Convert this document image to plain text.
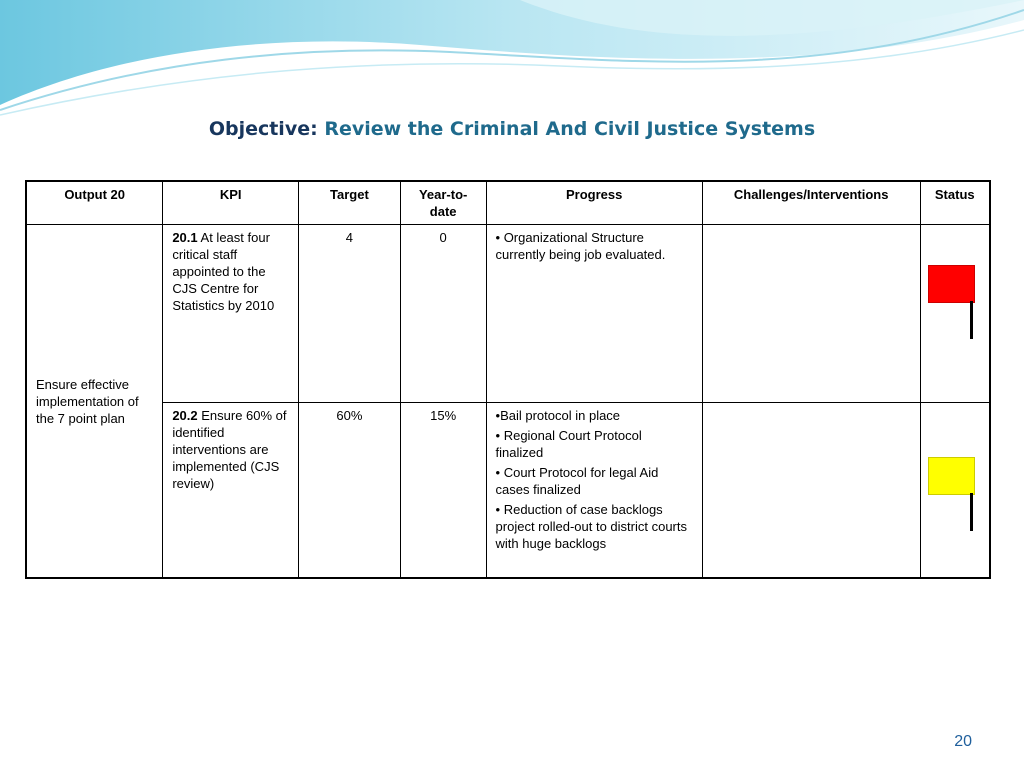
Objective: Review the Criminal And Civil Justice Systems
Output 20	KPI	Target	Year-to-date	Progress	Challenges/Interventions	Status
Ensure effective implementation of the 7 point plan	20.1 At least four critical staff appointed to the CJS Centre for Statistics by 2010	4	0	• Organizational Structure currently being job evaluated.		

	20.2 Ensure 60% of identified interventions are implemented (CJS review)	60%	15%	•Bail protocol in place
• Regional Court Protocol finalized
• Court Protocol for legal Aid cases finalized
• Reduction of case backlogs project rolled-out to district courts with huge backlogs		

20
